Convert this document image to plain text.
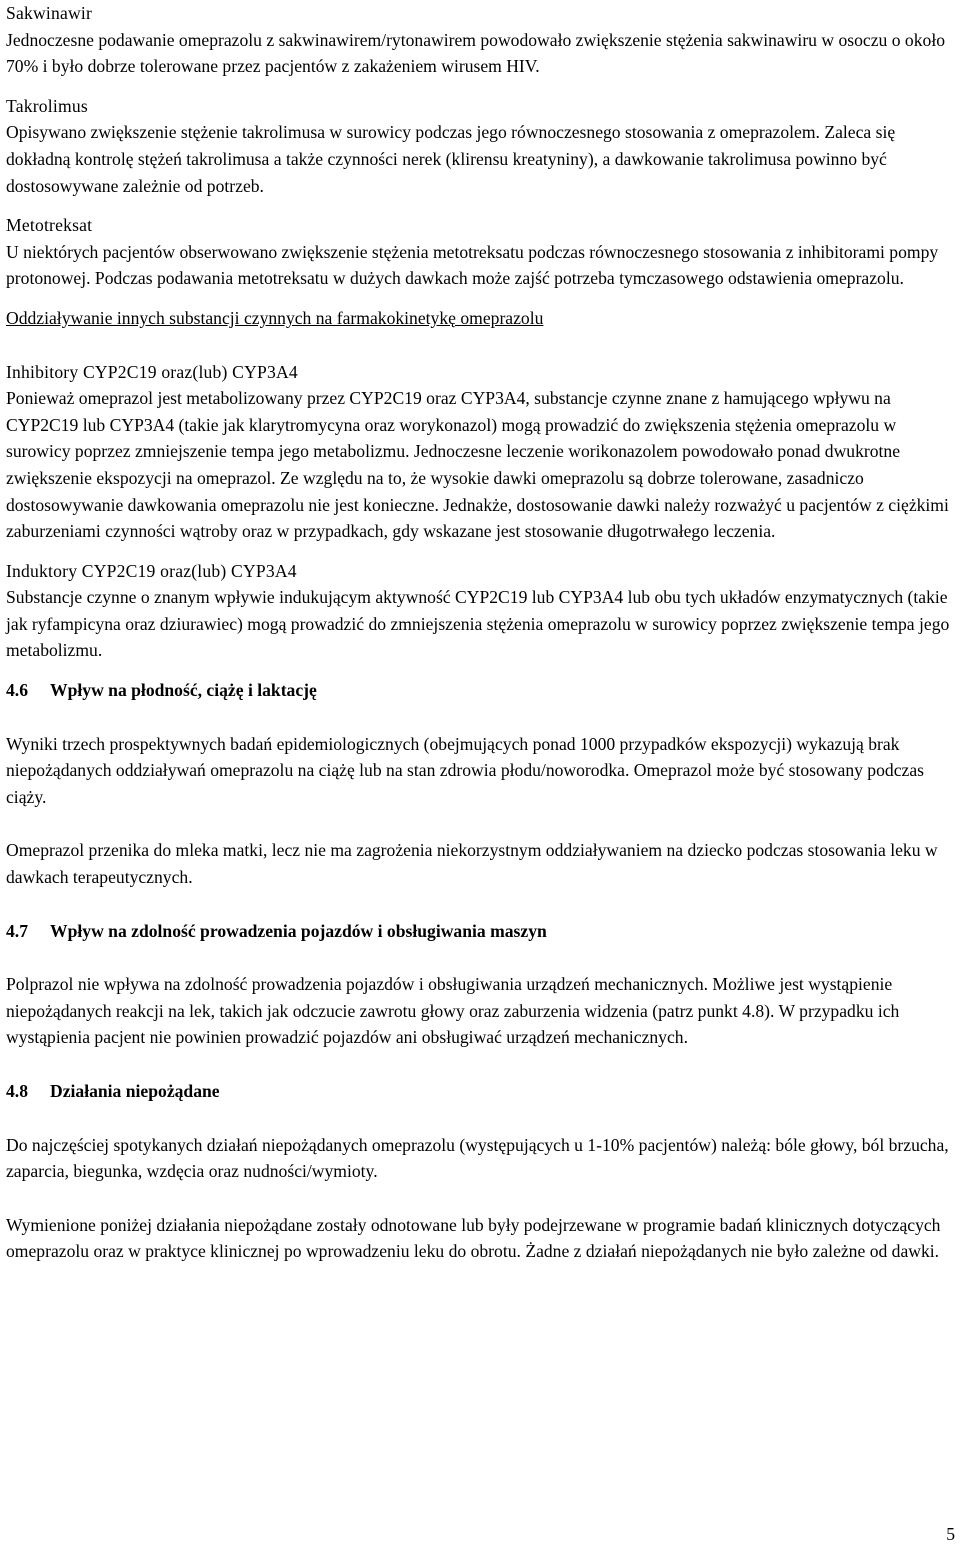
Sakwinawir

Jednoczesne podawanie omeprazolu z sakwinawirem/rytonawirem powodowało zwiększenie stężenia sakwinawiru w osoczu o około 70% i było dobrze tolerowane przez pacjentów z zakażeniem wirusem HIV.

Takrolimus

Opisywano zwiększenie stężenie takrolimusa w surowicy podczas jego równoczesnego stosowania z omeprazolem. Zaleca się dokładną kontrolę stężeń takrolimusa a także czynności nerek (klirensu kreatyniny), a dawkowanie takrolimusa powinno być dostosowywane zależnie od potrzeb.

Metotreksat

U niektórych pacjentów obserwowano zwiększenie stężenia metotreksatu podczas równoczesnego stosowania z inhibitorami pompy protonowej. Podczas podawania metotreksatu w dużych dawkach może zajść potrzeba tymczasowego odstawienia omeprazolu.

Oddziaływanie innych substancji czynnych na farmakokinetykę omeprazolu

Inhibitory CYP2C19 oraz(lub) CYP3A4

Ponieważ omeprazol jest metabolizowany przez CYP2C19 oraz CYP3A4, substancje czynne znane z hamującego wpływu na CYP2C19 lub CYP3A4 (takie jak klarytromycyna oraz worykonazol) mogą prowadzić do zwiększenia stężenia omeprazolu w surowicy poprzez zmniejszenie tempa jego metabolizmu. Jednoczesne leczenie worikonazolem powodowało ponad dwukrotne zwiększenie ekspozycji na omeprazol. Ze względu na to, że wysokie dawki omeprazolu są dobrze tolerowane, zasadniczo dostosowywanie dawkowania omeprazolu nie jest konieczne. Jednakże, dostosowanie dawki należy rozważyć u pacjentów z ciężkimi zaburzeniami czynności wątroby oraz w przypadkach, gdy wskazane jest stosowanie długotrwałego leczenia.

Induktory CYP2C19 oraz(lub) CYP3A4

Substancje czynne o znanym wpływie indukującym aktywność CYP2C19 lub CYP3A4 lub obu tych układów enzymatycznych (takie jak ryfampicyna oraz dziurawiec) mogą prowadzić do zmniejszenia stężenia omeprazolu w surowicy poprzez zwiększenie tempa jego metabolizmu.

4.6	Wpływ na płodność, ciążę i laktację

Wyniki trzech prospektywnych badań epidemiologicznych (obejmujących ponad 1000 przypadków ekspozycji) wykazują brak niepożądanych oddziaływań omeprazolu na ciążę lub na stan zdrowia płodu/noworodka. Omeprazol może być stosowany podczas ciąży.

Omeprazol przenika do mleka matki, lecz nie ma zagrożenia niekorzystnym oddziaływaniem na dziecko podczas stosowania leku w dawkach terapeutycznych.

4.7	Wpływ na zdolność prowadzenia pojazdów i obsługiwania maszyn

Polprazol nie wpływa na zdolność prowadzenia pojazdów i obsługiwania urządzeń mechanicznych. Możliwe jest wystąpienie niepożądanych reakcji na lek, takich jak odczucie zawrotu głowy oraz zaburzenia widzenia (patrz punkt 4.8). W przypadku ich wystąpienia pacjent nie powinien prowadzić pojazdów ani obsługiwać urządzeń mechanicznych.

4.8	Działania niepożądane

Do najczęściej spotykanych działań niepożądanych omeprazolu (występujących u 1-10% pacjentów) należą: bóle głowy, ból brzucha, zaparcia, biegunka, wzdęcia oraz nudności/wymioty.

Wymienione poniżej działania niepożądane zostały odnotowane lub były podejrzewane w programie badań klinicznych dotyczących omeprazolu oraz w praktyce klinicznej po wprowadzeniu leku do obrotu. Żadne z działań niepożądanych nie było zależne od dawki.

5
